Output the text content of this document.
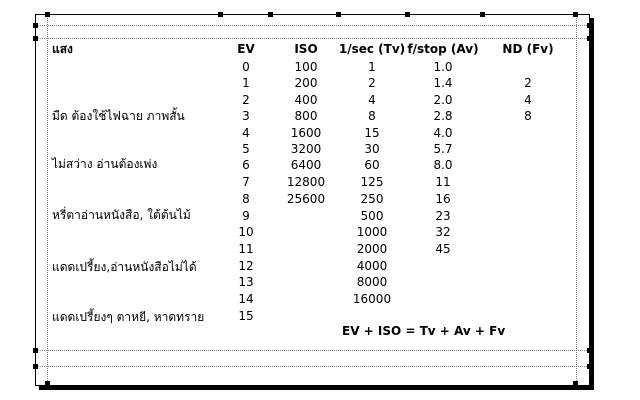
แสง	EV	ISO 1/sec (Tv) f/stop (Av) ND (Fv)
มืด ต้องใช้ไฟฉาย ภาพสั้น
ไม่สว่าง อ่านต้องเพ่ง
หรี่ตาอ่านหนังสือ, ใต้ต้นไม้
แดดเปรี้ยง,อ่านหนังสือไม่ได้
แดดเปรี้ยงๆ ตาหยี, หาดทราย
0
1
2
3
4
5
6
7
8
9
10
11
12
13
14
15
100
200
400
800
1600
3200
6400
12800
25600
1
2
4
8
15
30
60
125
250
500
1000
2000
4000
8000
16000
1.0
1.4
2.0
2.8
4.0
5.7
8.0
11
16
23
32
45
2
4
8
EV + ISO = Tv + Av + Fv
